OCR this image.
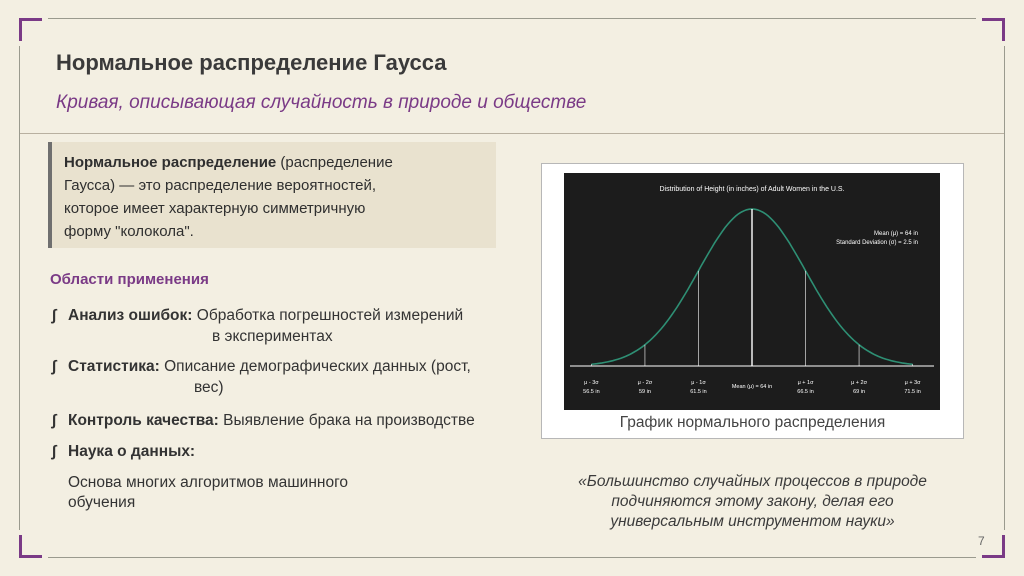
Нормальное распределение Гаусса
Кривая, описывающая случайность в природе и обществе
Нормальное распределение (распределение
Гаусса) — это распределение вероятностей,
которое имеет характерную симметричную
форму "колокола".
Области применения
∫ Анализ ошибок: Обработка погрешностей измерений
в экспериментах
∫ Статистика: Описание демографических данных (рост,
вес)
∫ Контроль качества: Выявление брака на производстве
∫ Наука о данных:
Основа многих алгоритмов машинного
обучения
Distribution of Height (in inches) of Adult Women in the U.S.
Mean (μ) = 64 in
Standard Deviation (σ) = 2.5 in
μ - 3σ
56.5 in
μ - 2σ
59 in
μ - 1σ
61.5 in
Mean (μ) = 64 in
μ + 1σ
66.5 in
μ + 2σ
69 in
μ + 3σ
71.5 in
График нормального распределения
«Большинство случайных процессов в природе
подчиняются этому закону, делая его
универсальным инструментом науки»
7
